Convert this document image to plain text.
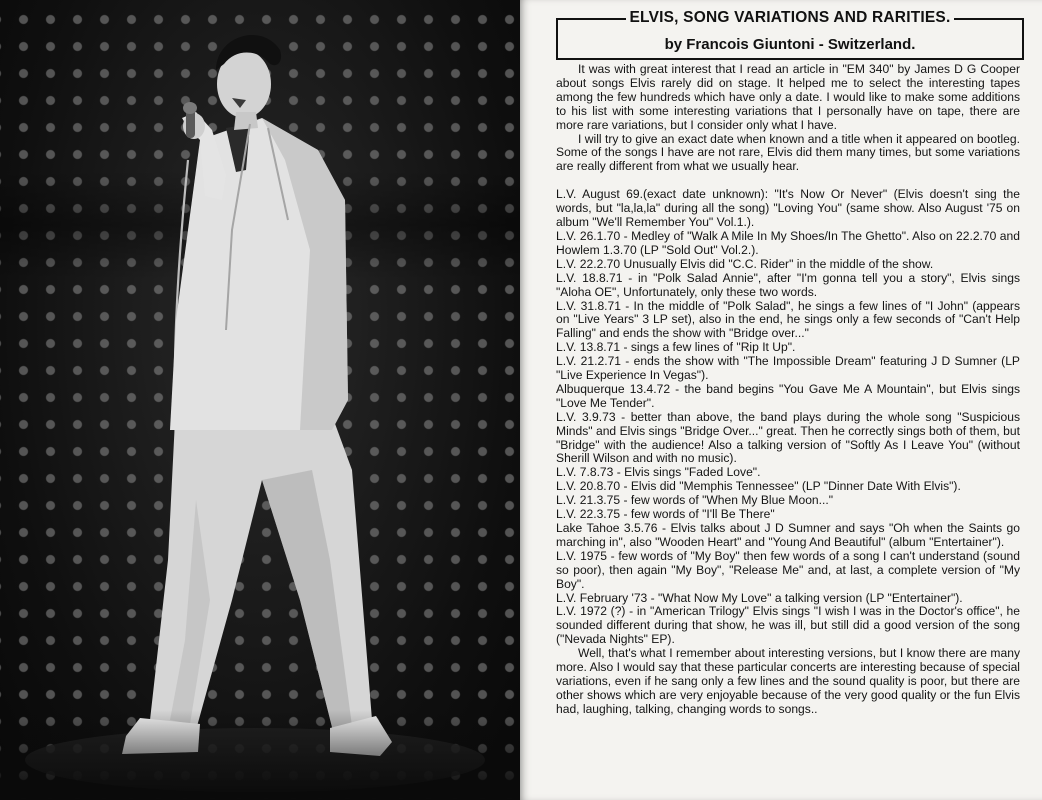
ELVIS, SONG VARIATIONS AND RARITIES.
by Francois Giuntoni - Switzerland.

It was with great interest that I read an article in "EM 340" by James D G Cooper about songs Elvis rarely did on stage. It helped me to select the interesting tapes among the few hundreds which have only a date. I would like to make some additions to his list with some interesting variations that I personally have on tape, there are more rare variations, but I consider only what I have.

I will try to give an exact date when known and a title when it appeared on bootleg. Some of the songs I have are not rare, Elvis did them many times, but some variations are really different from what we usually hear.

L.V. August 69.(exact date unknown): "It's Now Or Never" (Elvis doesn't sing the words, but "la,la,la" during all the song) "Loving You" (same show. Also August '75 on album "We'll Remember You" Vol.1.).

L.V. 26.1.70 - Medley of "Walk A Mile In My Shoes/In The Ghetto". Also on 22.2.70 and Howlem 1.3.70 (LP "Sold Out" Vol.2.).

L.V. 22.2.70 Unusually Elvis did "C.C. Rider" in the middle of the show.

L.V. 18.8.71 - in "Polk Salad Annie", after "I'm gonna tell you a story", Elvis sings "Aloha OE", Unfortunately, only these two words.

L.V. 31.8.71 - In the middle of "Polk Salad", he sings a few lines of "I John" (appears on "Live Years" 3 LP set), also in the end, he sings only a few seconds of "Can't Help Falling" and ends the show with "Bridge over..."

L.V. 13.8.71 - sings a few lines of "Rip It Up".

L.V. 21.2.71 - ends the show with "The Impossible Dream" featuring J D Sumner (LP "Live Experience In Vegas").

Albuquerque 13.4.72 - the band begins "You Gave Me A Mountain", but Elvis sings "Love Me Tender".

L.V. 3.9.73 - better than above, the band plays during the whole song "Suspicious Minds" and Elvis sings "Bridge Over..." great. Then he correctly sings both of them, but "Bridge" with the audience! Also a talking version of "Softly As I Leave You" (without Sherill Wilson and with no music).

L.V. 7.8.73 - Elvis sings "Faded Love".

L.V. 20.8.70 - Elvis did "Memphis Tennessee" (LP "Dinner Date With Elvis").

L.V. 21.3.75 - few words of "When My Blue Moon..."

L.V. 22.3.75 - few words of "I'll Be There"

Lake Tahoe 3.5.76 - Elvis talks about J D Sumner and says "Oh when the Saints go marching in", also "Wooden Heart" and "Young And Beautiful" (album "Entertainer").

L.V. 1975 - few words of "My Boy" then few words of a song I can't understand (sound so poor), then again "My Boy", "Release Me" and, at last, a complete version of "My Boy".

L.V. February '73 - "What Now My Love" a talking version (LP "Entertainer").

L.V. 1972 (?) - in "American Trilogy" Elvis sings "I wish I was in the Doctor's office", he sounded different during that show, he was ill, but still did a good version of the song ("Nevada Nights" EP).

Well, that's what I remember about interesting versions, but I know there are many more. Also I would say that these particular concerts are interesting because of special variations, even if he sang only a few lines and the sound quality is poor, but there are other shows which are very enjoyable because of the very good quality or the fun Elvis had, laughing, talking, changing words to songs..
